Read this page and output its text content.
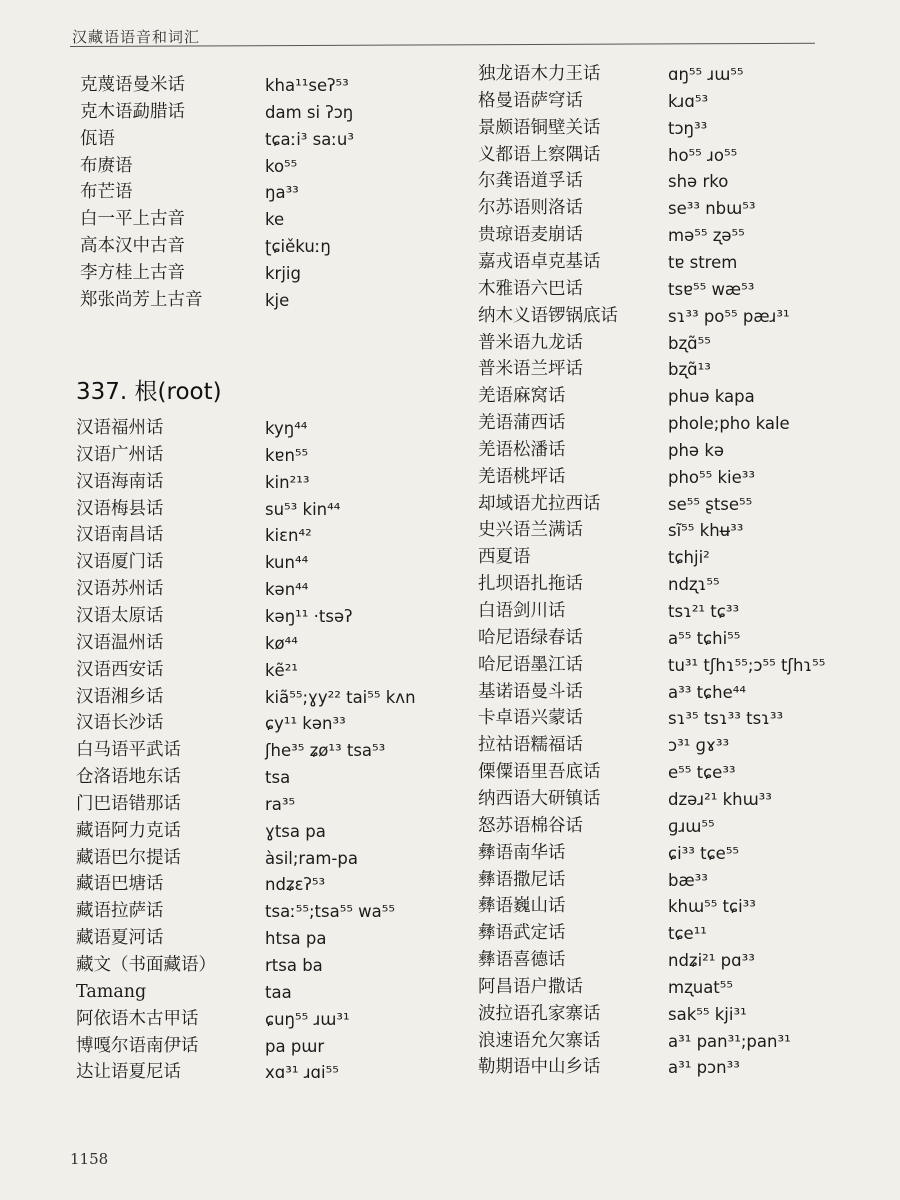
汉藏语语音和词汇
克蔑语曼米话	kha¹¹seʔ⁵³
克木语勐腊话	dam si ʔɔŋ
佤语	tɕaːi³ saːu³
布赓语	ko⁵⁵
布芒语	ŋa³³
白一平上古音	ke
高本汉中古音	ʈɕiěkuːŋ
李方桂上古音	krjig
郑张尚芳上古音	kje
337. 根(root)
汉语福州话	kyŋ⁴⁴
汉语广州话	kɐn⁵⁵
汉语海南话	kin²¹³
汉语梅县话	su⁵³ kin⁴⁴
汉语南昌话	kiɛn⁴²
汉语厦门话	kun⁴⁴
汉语苏州话	kən⁴⁴
汉语太原话	kəŋ¹¹ ·tsəʔ
汉语温州话	kø⁴⁴
汉语西安话	kẽ²¹
汉语湘乡话	kiã⁵⁵;ɣy²² tai⁵⁵ kʌn
汉语长沙话	ɕy¹¹ kən³³
白马语平武话	ʃhe³⁵ ʑø¹³ tsa⁵³
仓洛语地东话	tsa
门巴语错那话	ra³⁵
藏语阿力克话	ɣtsa pa
藏语巴尔提话	àsil;ram-pa
藏语巴塘话	ndʑɛʔ⁵³
藏语拉萨话	tsaː⁵⁵;tsa⁵⁵ wa⁵⁵
藏语夏河话	htsa pa
藏文（书面藏语）	rtsa ba
Tamang	taa
阿依语木古甲话	ɕuŋ⁵⁵ ɹɯ³¹
博嘎尔语南伊话	pa pɯr
达让语夏尼话	xɑ³¹ ɹɑi⁵⁵
独龙语木力王话	ɑŋ⁵⁵ ɹɯ⁵⁵
格曼语萨穹话	kɹɑ⁵³
景颇语铜壁关话	tɔŋ³³
义都语上察隅话	ho⁵⁵ ɹo⁵⁵
尔龚语道孚话	shə rko
尔苏语则洛话	se³³ nbɯ⁵³
贵琼语麦崩话	mə⁵⁵ ʐə⁵⁵
嘉戎语卓克基话	tɐ strem
木雅语六巴话	tsɐ⁵⁵ wæ⁵³
纳木义语锣锅底话	sɿ³³ po⁵⁵ pæɹ³¹
普米语九龙话	bʐɑ̃⁵⁵
普米语兰坪话	bʐɑ̃¹³
羌语麻窝话	phuə kapa
羌语蒲西话	phole;pho kale
羌语松潘话	phə kə
羌语桃坪话	pho⁵⁵ kie³³
却域语尤拉西话	se⁵⁵ ʂtse⁵⁵
史兴语兰满话	sĩ⁵⁵ khʉ³³
西夏语	tɕhji²
扎坝语扎拖话	ndʐɿ⁵⁵
白语剑川话	tsɿ²¹ tɕ³³
哈尼语绿春话	a⁵⁵ tɕhi⁵⁵
哈尼语墨江话	tu³¹ tʃhɿ⁵⁵;ɔ⁵⁵ tʃhɿ⁵⁵
基诺语曼斗话	a³³ tɕhe⁴⁴
卡卓语兴蒙话	sɿ³⁵ tsɿ³³ tsɿ³³
拉祜语糯福话	ɔ³¹ ɡɤ³³
傈僳语里吾底话	e⁵⁵ tɕe³³
纳西语大研镇话	dzəɹ²¹ khɯ³³
怒苏语棉谷话	ɡɹɯ⁵⁵
彝语南华话	ɕi³³ tɕe⁵⁵
彝语撒尼话	bæ³³
彝语巍山话	khɯ⁵⁵ tɕi³³
彝语武定话	tɕe¹¹
彝语喜德话	ndʑi²¹ pɑ³³
阿昌语户撒话	mʐuat⁵⁵
波拉语孔家寨话	sak⁵⁵ kji³¹
浪速语允欠寨话	a³¹ pan³¹;pan³¹
勒期语中山乡话	a³¹ pɔn³³
1158
